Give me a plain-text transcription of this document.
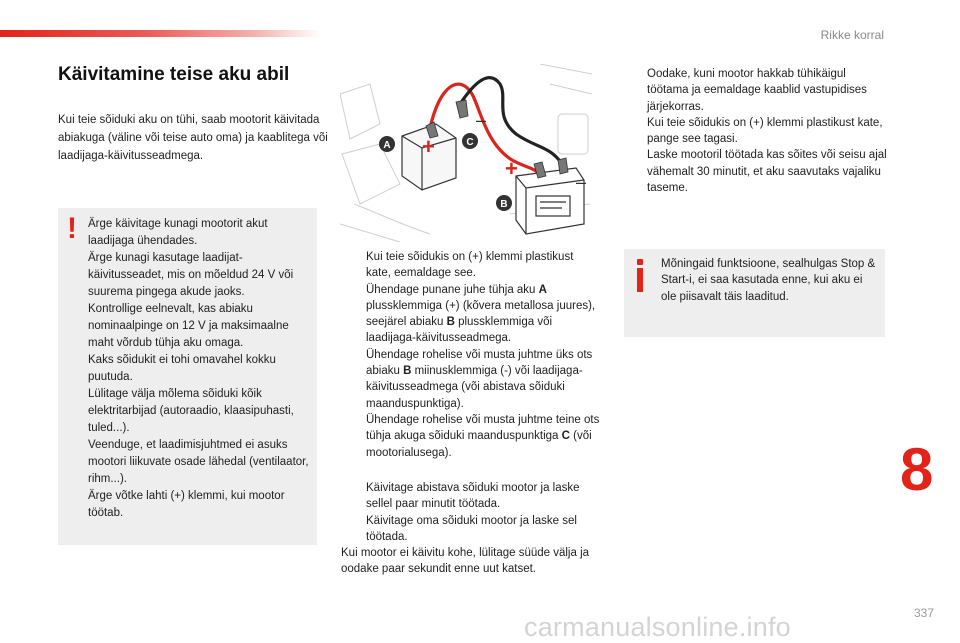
Rikke korral
Käivitamine teise aku abil

Kui teie sõiduki aku on tühi, saab mootorit käivitada abiakuga (väline või teise auto oma) ja kaablitega või laadijaga-käivitusseadmega.

! Ärge käivitage kunagi mootorit akut laadijaga ühendades.
Ärge kunagi kasutage laadijat-käivitusseadet, mis on mõeldud 24 V või suurema pingega akude jaoks.
Kontrollige eelnevalt, kas abiaku nominaalpinge on 12 V ja maksimaalne maht võrdub tühja aku omaga.
Kaks sõidukit ei tohi omavahel kokku puutuda.
Lülitage välja mõlema sõiduki kõik elektritarbijad (autoraadio, klaasipuhasti, tuled...).
Veenduge, et laadimisjuhtmed ei asuks mootori liikuvate osade lähedal (ventilaator, rihm...).
Ärge võtke lahti (+) klemmi, kui mootor töötab.
+
+
–
–
A	C
B
Kui teie sõidukis on (+) klemmi plastikust kate, eemaldage see.
Ühendage punane juhe tühja aku A
plussklemmiga (+) (kõvera metallosa juures), seejärel abiaku B plussklemmiga või laadijaga-käivitusseadmega.
Ühendage rohelise või musta juhtme üks ots abiaku B miinusklemmiga (-) või laadijaga-käivitusseadmega (või abistava sõiduki maanduspunktiga).
Ühendage rohelise või musta juhtme teine ots tühja akuga sõiduki maanduspunktiga C (või mootorialusega).
Käivitage abistava sõiduki mootor ja laske sellel paar minutit töötada.
Käivitage oma sõiduki mootor ja laske sel töötada.
Kui mootor ei käivitu kohe, lülitage süüde välja ja oodake paar sekundit enne uut katset.
Oodake, kuni mootor hakkab tühikäigul töötama ja eemaldage kaablid vastupidises järjekorras.
Kui teie sõidukis on (+) klemmi plastikust kate, pange see tagasi.
Laske mootoril töötada kas sõites või seisu ajal vähemalt 30 minutit, et aku saavutaks vajaliku taseme.
Mõningaid funktsioone, sealhulgas Stop & Start-i, ei saa kasutada enne, kui aku ei ole piisavalt täis laaditud.
8
337
carmanualsonline.info
